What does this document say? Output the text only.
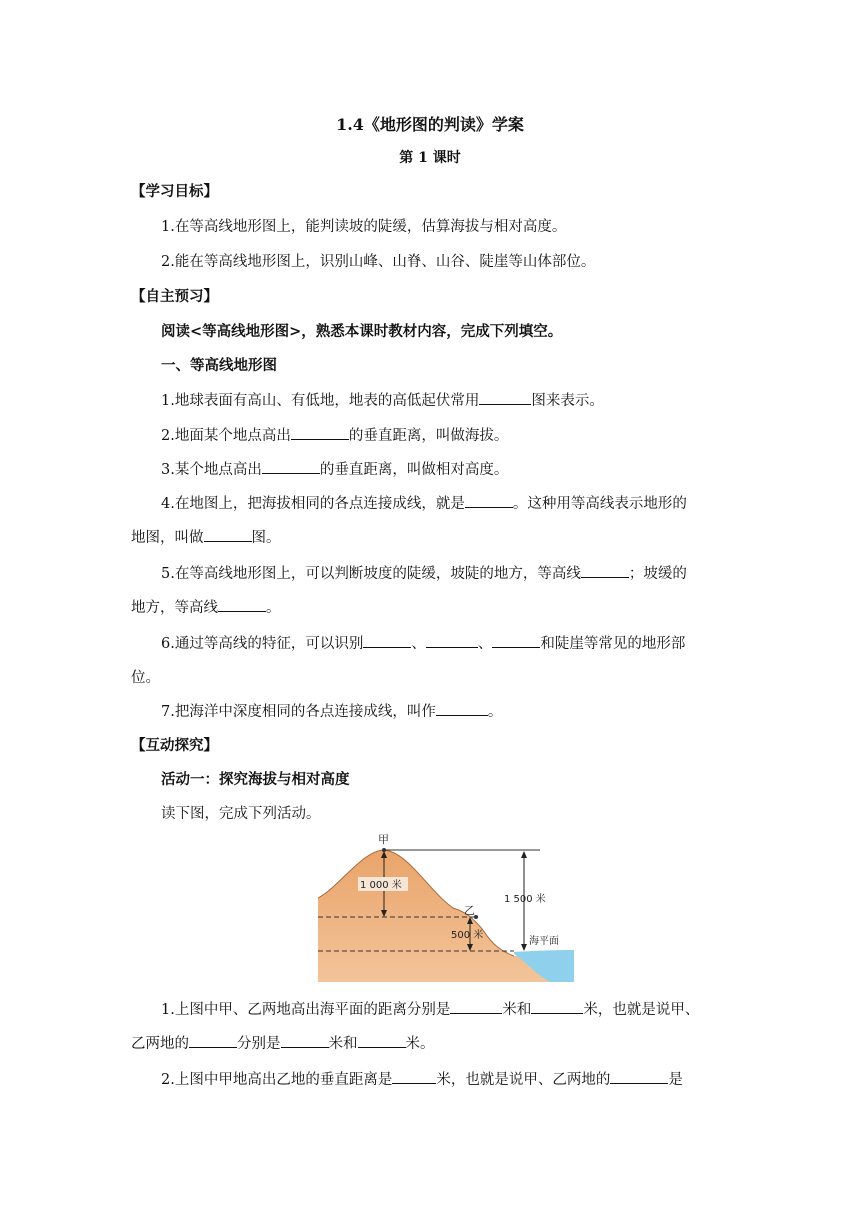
1.4《地形图的判读》学案
第 1 课时
【学习目标】
1.在等高线地形图上，能判读坡的陡缓，估算海拔与相对高度。
2.能在等高线地形图上，识别山峰、山脊、山谷、陡崖等山体部位。
【自主预习】
阅读<等高线地形图>，熟悉本课时教材内容，完成下列填空。
一、等高线地形图
1.地球表面有高山、有低地，地表的高低起伏常用	图来表示。
2.地面某个地点高出	的垂直距离，叫做海拔。
3.某个地点高出	的垂直距离，叫做相对高度。
4.在地图上，把海拔相同的各点连接成线，就是	。这种用等高线表示地形的
地图，叫做	图。
5.在等高线地形图上，可以判断坡度的陡缓，坡陡的地方，等高线	；坡缓的
地方，等高线	。
6.通过等高线的特征，可以识别	、	、	和陡崖等常见的地形部
位。
7.把海洋中深度相同的各点连接成线，叫作	。
【互动探究】
活动一：探究海拔与相对高度
读下图，完成下列活动。
甲
乙
1 000 米
500 米
1 500 米
海平面
1.上图中甲、乙两地高出海平面的距离分别是	米和	米，也就是说甲、
乙两地的	分别是	米和	米。
2.上图中甲地高出乙地的垂直距离是	米，也就是说甲、乙两地的	是
